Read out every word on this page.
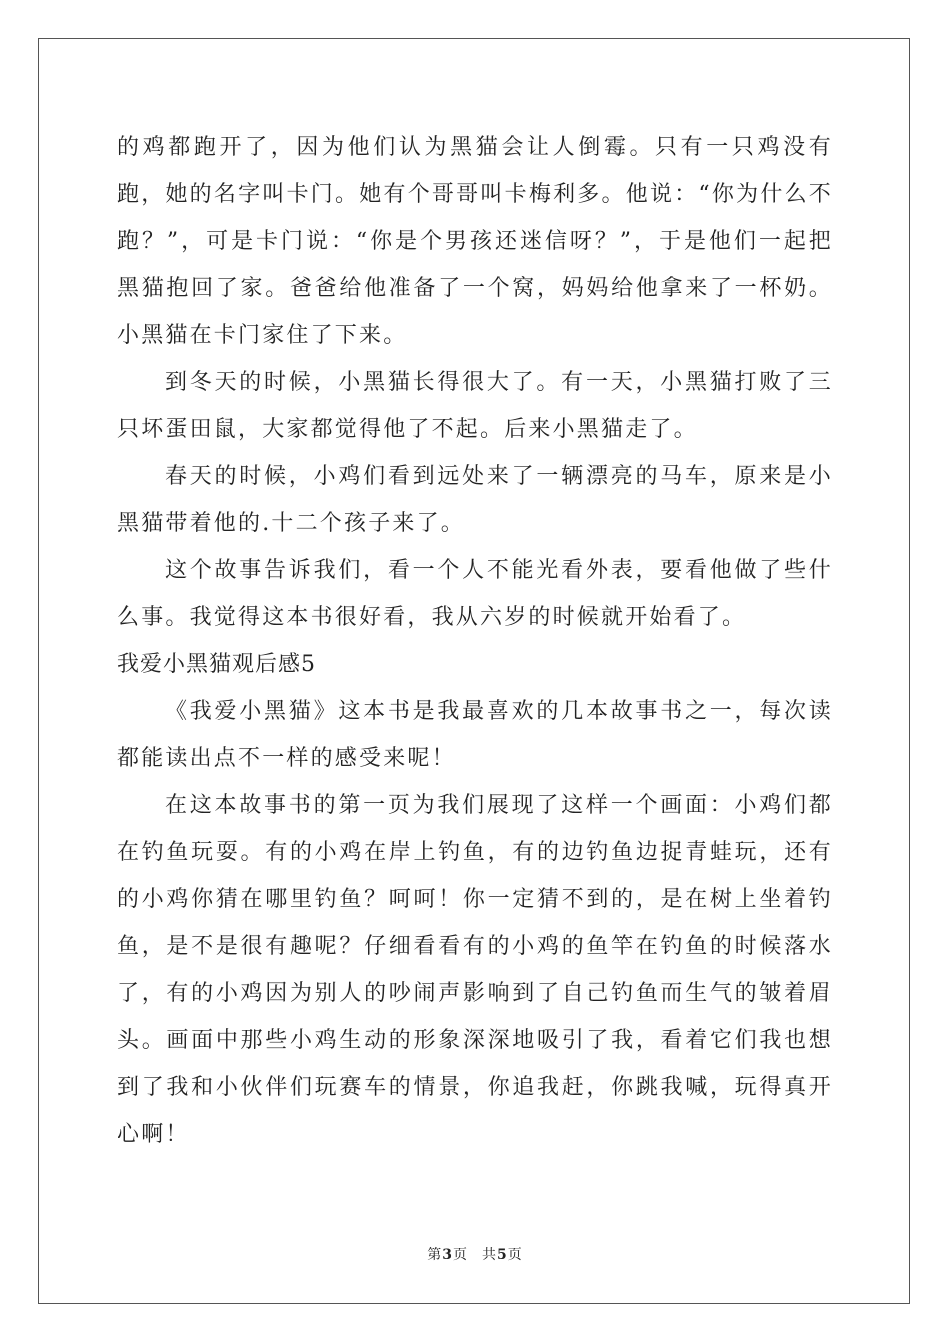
的鸡都跑开了，因为他们认为黑猫会让人倒霉。只有一只鸡没有跑，她的名字叫卡门。她有个哥哥叫卡梅利多。他说：“你为什么不跑？”，可是卡门说：“你是个男孩还迷信呀？”，于是他们一起把黑猫抱回了家。爸爸给他准备了一个窝，妈妈给他拿来了一杯奶。小黑猫在卡门家住了下来。

到冬天的时候，小黑猫长得很大了。有一天，小黑猫打败了三只坏蛋田鼠，大家都觉得他了不起。后来小黑猫走了。

春天的时候，小鸡们看到远处来了一辆漂亮的马车，原来是小黑猫带着他的.十二个孩子来了。

这个故事告诉我们，看一个人不能光看外表，要看他做了些什么事。我觉得这本书很好看，我从六岁的时候就开始看了。

我爱小黑猫观后感5

《我爱小黑猫》这本书是我最喜欢的几本故事书之一，每次读都能读出点不一样的感受来呢！

在这本故事书的第一页为我们展现了这样一个画面：小鸡们都在钓鱼玩耍。有的小鸡在岸上钓鱼，有的边钓鱼边捉青蛙玩，还有的小鸡你猜在哪里钓鱼？呵呵！你一定猜不到的，是在树上坐着钓鱼，是不是很有趣呢？仔细看看有的小鸡的鱼竿在钓鱼的时候落水了，有的小鸡因为别人的吵闹声影响到了自己钓鱼而生气的皱着眉头。画面中那些小鸡生动的形象深深地吸引了我，看着它们我也想到了我和小伙伴们玩赛车的情景，你追我赶，你跳我喊，玩得真开心啊！

第3页 共5页
